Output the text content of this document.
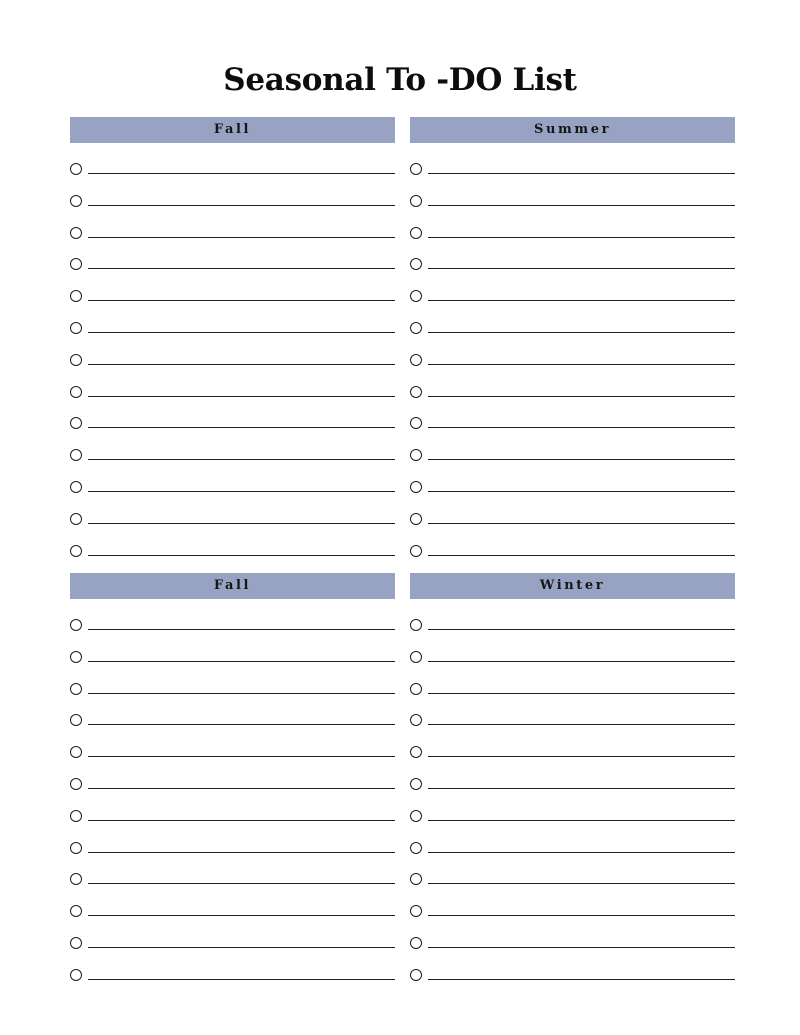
Seasonal To -DO List
Fall	Summer
Fall	Winter
